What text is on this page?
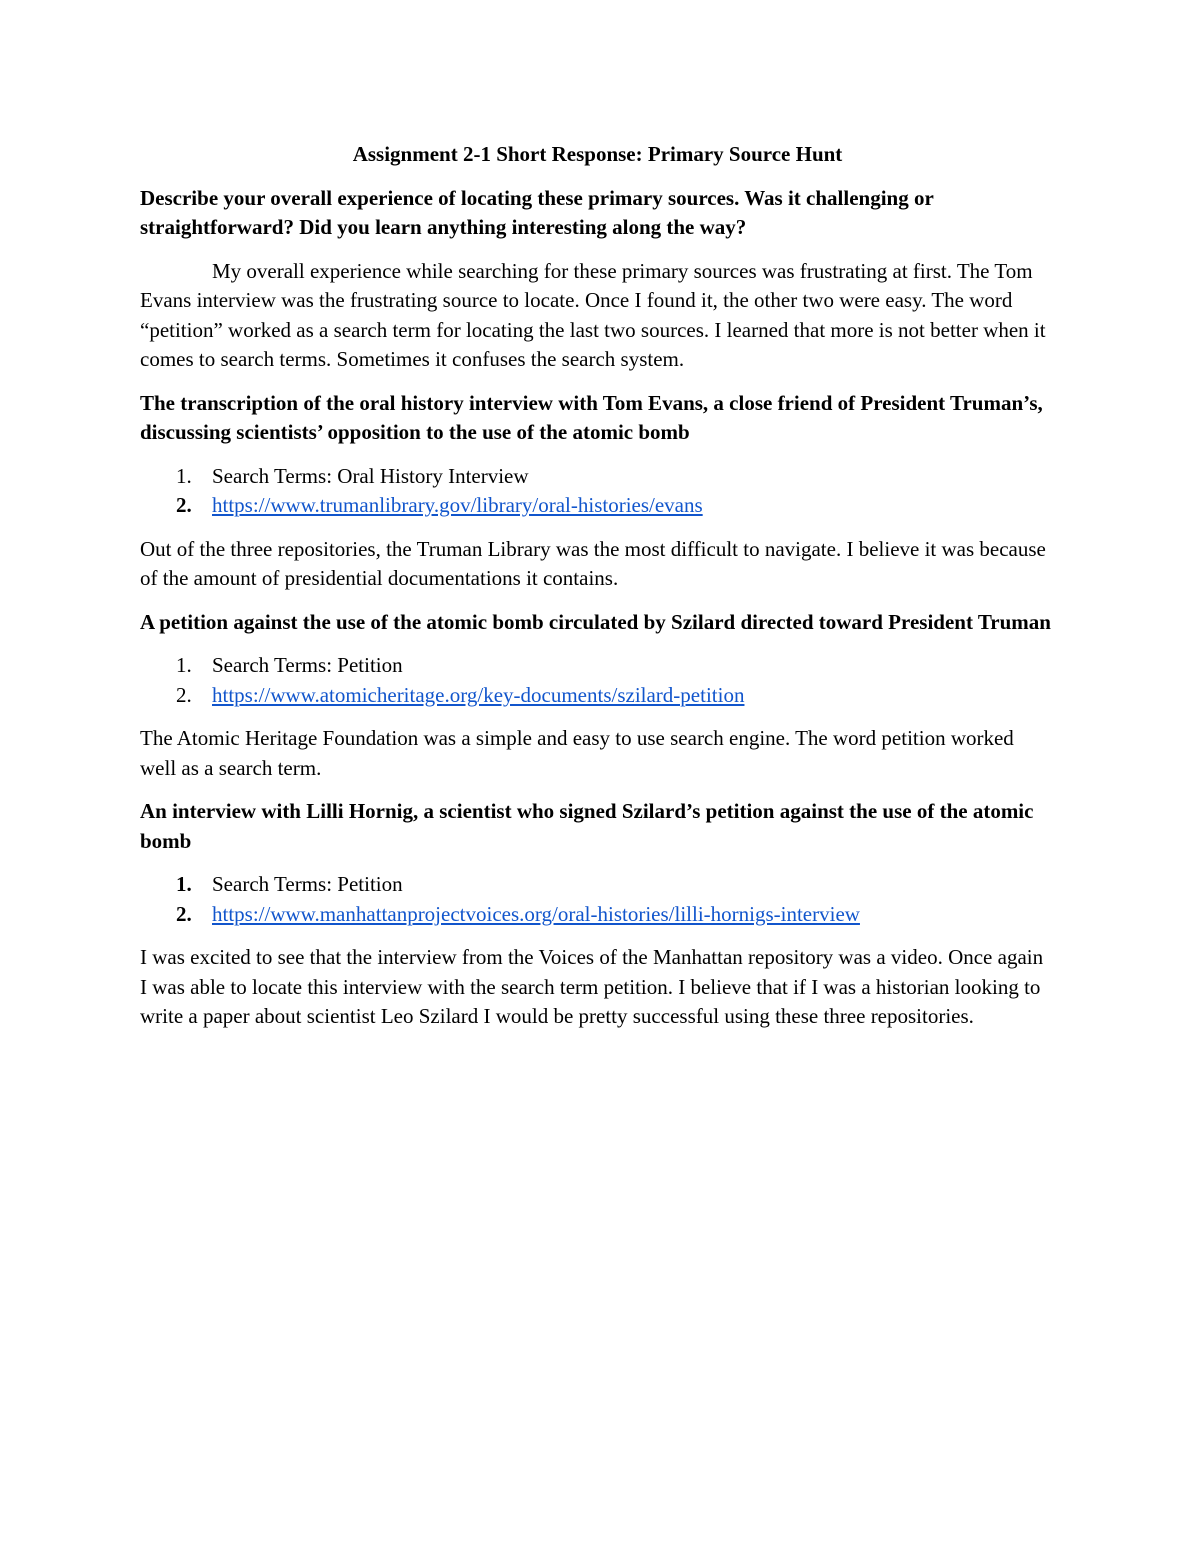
Assignment 2-1 Short Response: Primary Source Hunt
Describe your overall experience of locating these primary sources. Was it challenging or straightforward? Did you learn anything interesting along the way?

My overall experience while searching for these primary sources was frustrating at first. The Tom Evans interview was the frustrating source to locate. Once I found it, the other two were easy. The word “petition” worked as a search term for locating the last two sources. I learned that more is not better when it comes to search terms. Sometimes it confuses the search system.

The transcription of the oral history interview with Tom Evans, a close friend of President Truman’s, discussing scientists’ opposition to the use of the atomic bomb
1. Search Terms: Oral History Interview
2. https://www.trumanlibrary.gov/library/oral-histories/evans

Out of the three repositories, the Truman Library was the most difficult to navigate. I believe it was because of the amount of presidential documentations it contains.

A petition against the use of the atomic bomb circulated by Szilard directed toward President Truman
1. Search Terms: Petition
2. https://www.atomicheritage.org/key-documents/szilard-petition

The Atomic Heritage Foundation was a simple and easy to use search engine. The word petition worked well as a search term.

An interview with Lilli Hornig, a scientist who signed Szilard’s petition against the use of the atomic bomb
1. Search Terms: Petition
2. https://www.manhattanprojectvoices.org/oral-histories/lilli-hornigs-interview

I was excited to see that the interview from the Voices of the Manhattan repository was a video. Once again I was able to locate this interview with the search term petition. I believe that if I was a historian looking to write a paper about scientist Leo Szilard I would be pretty successful using these three repositories.
